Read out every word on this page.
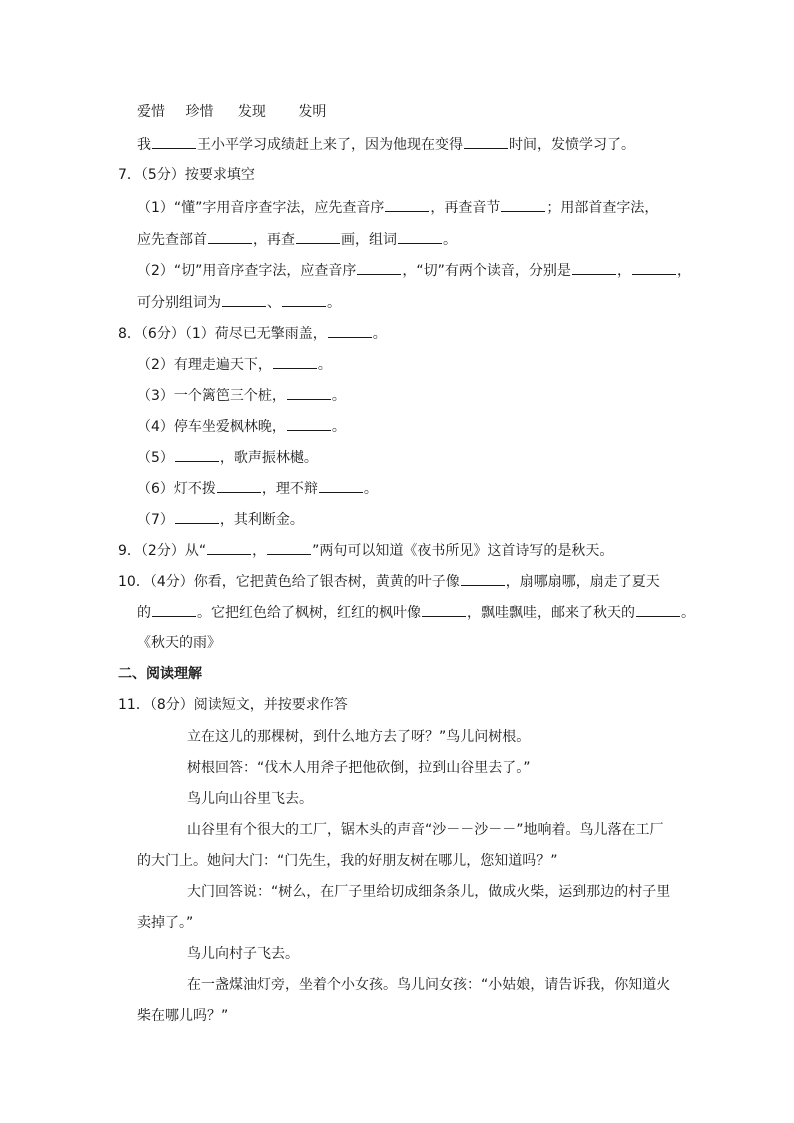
爱惜 珍惜 发现 发明
我	王小平学习成绩赶上来了，因为他现在变得	时间，发愤学习了。
7．（5分）按要求填空
（1）“懂”字用音序查字法，应先查音序	，再查音节	；用部首查字法，
应先查部首	，再查	画，组词	。
（2）“切”用音序查字法，应查音序	，“切”有两个读音，分别是	，	，
可分别组词为	、	。
8．（6分）（1）荷尽已无擎雨盖，	。
（2）有理走遍天下，	。
（3）一个篱笆三个桩，	。
（4）停车坐爱枫林晚，	。
（5）	，歌声振林樾。
（6）灯不拨	，理不辩	。
（7）	，其利断金。
9．（2分）从“	，	”两句可以知道《夜书所见》这首诗写的是秋天。
10．（4分）你看，它把黄色给了银杏树，黄黄的叶子像	，扇哪扇哪，扇走了夏天
的	。它把红色给了枫树，红红的枫叶像	，飘哇飘哇，邮来了秋天的	。
《秋天的雨》
二、阅读理解
11．（8分）阅读短文，并按要求作答
立在这儿的那棵树，到什么地方去了呀？”鸟儿问树根。
树根回答：“伐木人用斧子把他砍倒，拉到山谷里去了。”
鸟儿向山谷里飞去。
山谷里有个很大的工厂，锯木头的声音“沙－－沙－－”地响着。鸟儿落在工厂
的大门上。她问大门：“门先生，我的好朋友树在哪儿，您知道吗？”
大门回答说：“树么，在厂子里给切成细条条儿，做成火柴，运到那边的村子里
卖掉了。”
鸟儿向村子飞去。
在一盏煤油灯旁，坐着个小女孩。鸟儿问女孩：“小姑娘，请告诉我，你知道火
柴在哪儿吗？”
